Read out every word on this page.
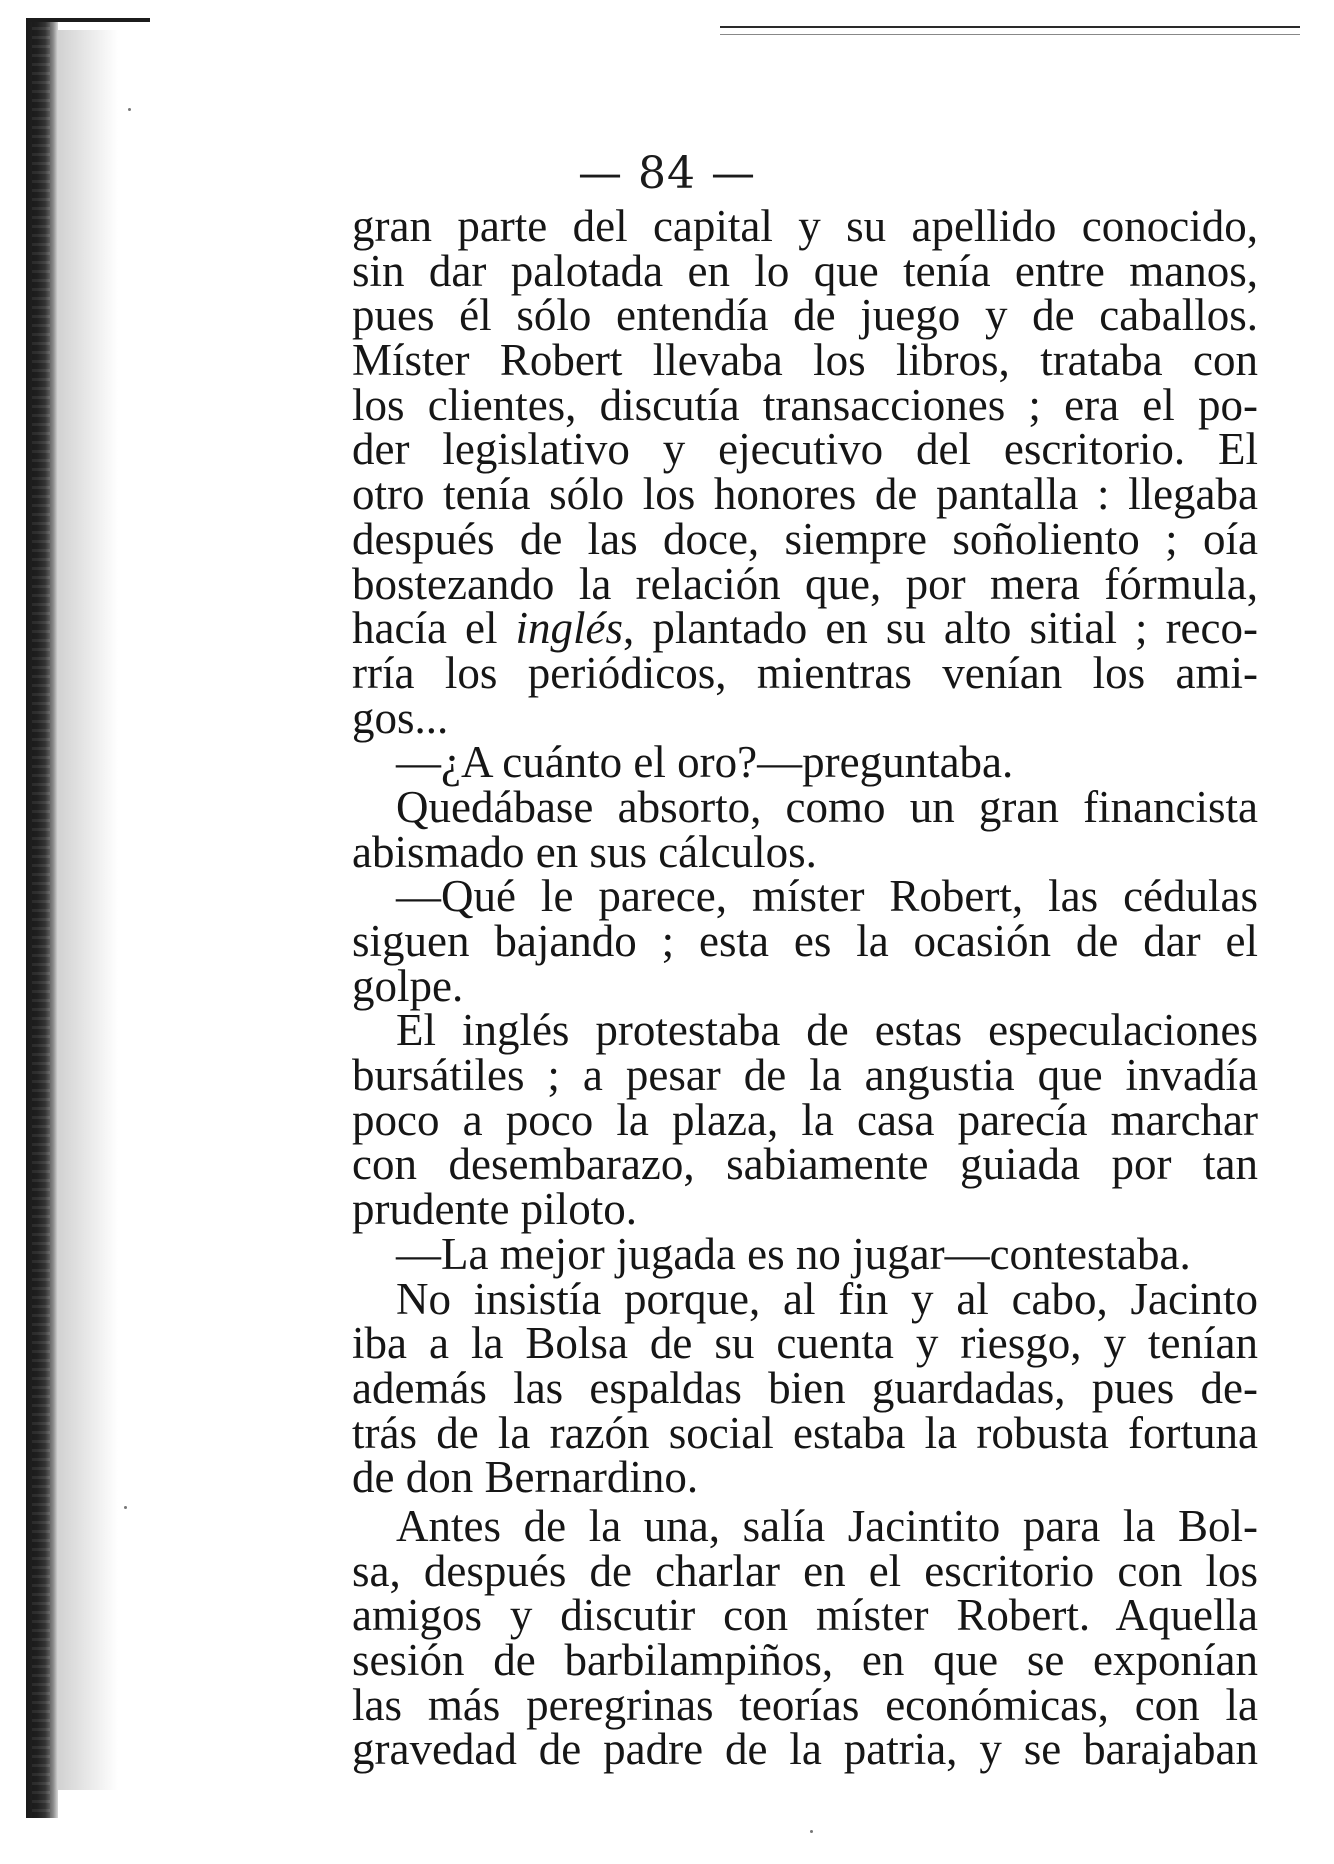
— 84 —
gran parte del capital y su apellido conocido,
sin dar palotada en lo que tenía entre manos,
pues él sólo entendía de juego y de caballos.
Míster Robert llevaba los libros, trataba con
los clientes, discutía transacciones ; era el po-
der legislativo y ejecutivo del escritorio. El
otro tenía sólo los honores de pantalla : llegaba
después de las doce, siempre soñoliento ; oía
bostezando la relación que, por mera fórmula,
hacía el inglés, plantado en su alto sitial ; reco-
rría los periódicos, mientras venían los ami-
gos...
—¿A cuánto el oro?—preguntaba.
Quedábase absorto, como un gran financista
abismado en sus cálculos.
—Qué le parece, míster Robert, las cédulas
siguen bajando ; esta es la ocasión de dar el
golpe.
El inglés protestaba de estas especulaciones
bursátiles ; a pesar de la angustia que invadía
poco a poco la plaza, la casa parecía marchar
con desembarazo, sabiamente guiada por tan
prudente piloto.
—La mejor jugada es no jugar—contestaba.
No insistía porque, al fin y al cabo, Jacinto
iba a la Bolsa de su cuenta y riesgo, y tenían
además las espaldas bien guardadas, pues de-
trás de la razón social estaba la robusta fortuna
de don Bernardino.
Antes de la una, salía Jacintito para la Bol-
sa, después de charlar en el escritorio con los
amigos y discutir con míster Robert. Aquella
sesión de barbilampiños, en que se exponían
las más peregrinas teorías económicas, con la
gravedad de padre de la patria, y se barajaban
